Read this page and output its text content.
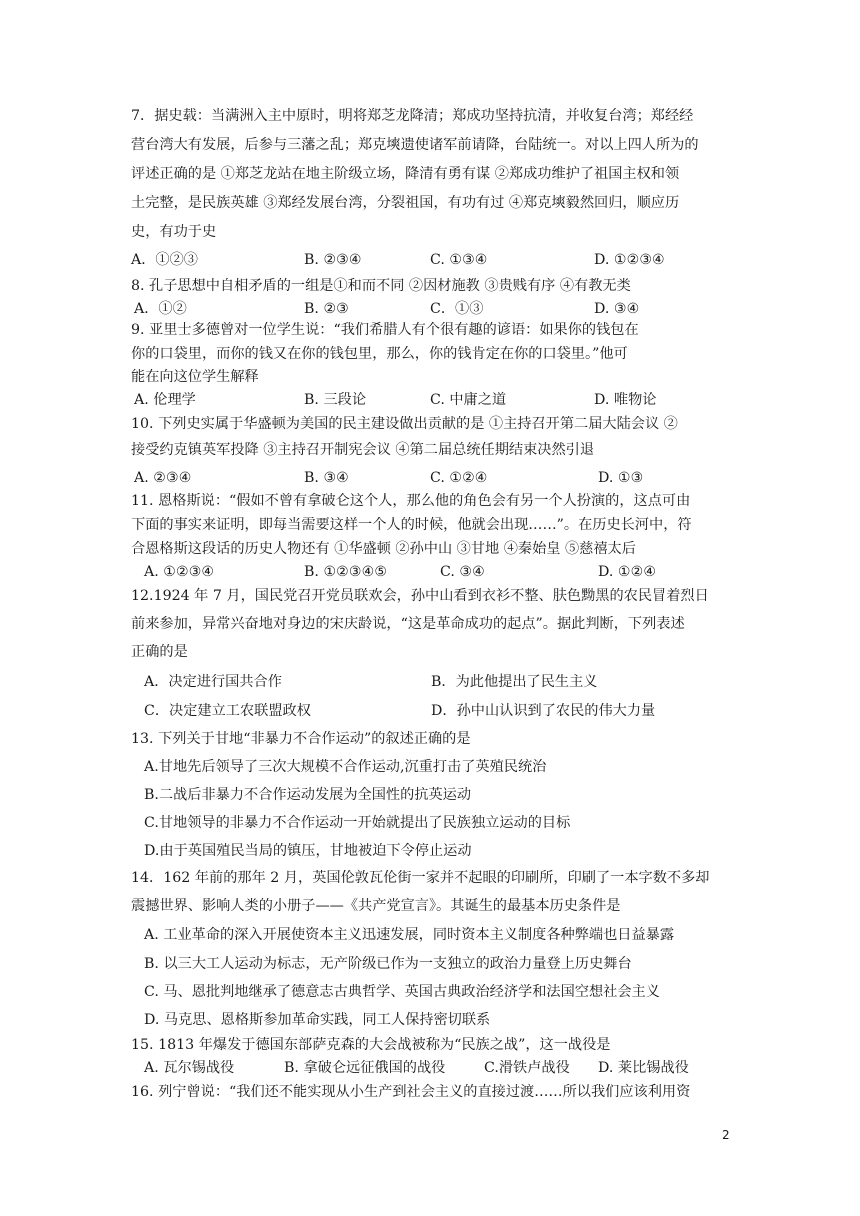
7．据史载：当满洲入主中原时，明将郑芝龙降清；郑成功坚持抗清，并收复台湾；郑经经
营台湾大有发展，后参与三藩之乱；郑克塽遗使诸军前请降，台陆统一。对以上四人所为的
评述正确的是 ①郑芝龙站在地主阶级立场，降清有勇有谋 ②郑成功维护了祖国主权和领
土完整，是民族英雄 ③郑经发展台湾，分裂祖国，有功有过 ④郑克塽毅然回归，顺应历
史，有功于史
A．①②③	B. ②③④	C. ①③④	D. ①②③④
8. 孔子思想中自相矛盾的一组是①和而不同 ②因材施教 ③贵贱有序 ④有教无类
A．①②	B. ②③	C．①③	D. ③④
9. 亚里士多德曾对一位学生说：“我们希腊人有个很有趣的谚语：如果你的钱包在
你的口袋里，而你的钱又在你的钱包里，那么，你的钱肯定在你的口袋里。”他可
能在向这位学生解释
A. 伦理学	B. 三段论	C. 中庸之道	D. 唯物论
10. 下列史实属于华盛顿为美国的民主建设做出贡献的是 ①主持召开第二届大陆会议 ②
接受约克镇英军投降 ③主持召开制宪会议 ④第二届总统任期结束决然引退
A. ②③④	B. ③④	C. ①②④	D. ①③
11. 恩格斯说：“假如不曾有拿破仑这个人，那么他的角色会有另一个人扮演的，这点可由
下面的事实来证明，即每当需要这样一个人的时候，他就会出现……”。在历史长河中，符
合恩格斯这段话的历史人物还有 ①华盛顿 ②孙中山 ③甘地 ④秦始皇 ⑤慈禧太后
A. ①②③④	B. ①②③④⑤	C. ③④	D. ①②④
12.1924 年 7 月，国民党召开党员联欢会，孙中山看到衣衫不整、肤色黝黑的农民冒着烈日
前来参加，异常兴奋地对身边的宋庆龄说，“这是革命成功的起点”。据此判断，下列表述
正确的是
A．决定进行国共合作	B．为此他提出了民生主义
C．决定建立工农联盟政权	D．孙中山认识到了农民的伟大力量
13. 下列关于甘地“非暴力不合作运动”的叙述正确的是
A.甘地先后领导了三次大规模不合作运动,沉重打击了英殖民统治
B.二战后非暴力不合作运动发展为全国性的抗英运动
C.甘地领导的非暴力不合作运动一开始就提出了民族独立运动的目标
D.由于英国殖民当局的镇压，甘地被迫下令停止运动
14．162 年前的那年 2 月，英国伦敦瓦伦街一家并不起眼的印刷所，印刷了一本字数不多却
震撼世界、影响人类的小册子——《共产党宣言》。其诞生的最基本历史条件是
A. 工业革命的深入开展使资本主义迅速发展，同时资本主义制度各种弊端也日益暴露
B. 以三大工人运动为标志，无产阶级已作为一支独立的政治力量登上历史舞台
C. 马、恩批判地继承了德意志古典哲学、英国古典政治经济学和法国空想社会主义
D. 马克思、恩格斯参加革命实践，同工人保持密切联系
15. 1813 年爆发于德国东部萨克森的大会战被称为“民族之战”，这一战役是
A. 瓦尔锡战役	B. 拿破仑远征俄国的战役	C.滑铁卢战役 D. 莱比锡战役
16. 列宁曾说：“我们还不能实现从小生产到社会主义的直接过渡……所以我们应该利用资
2
